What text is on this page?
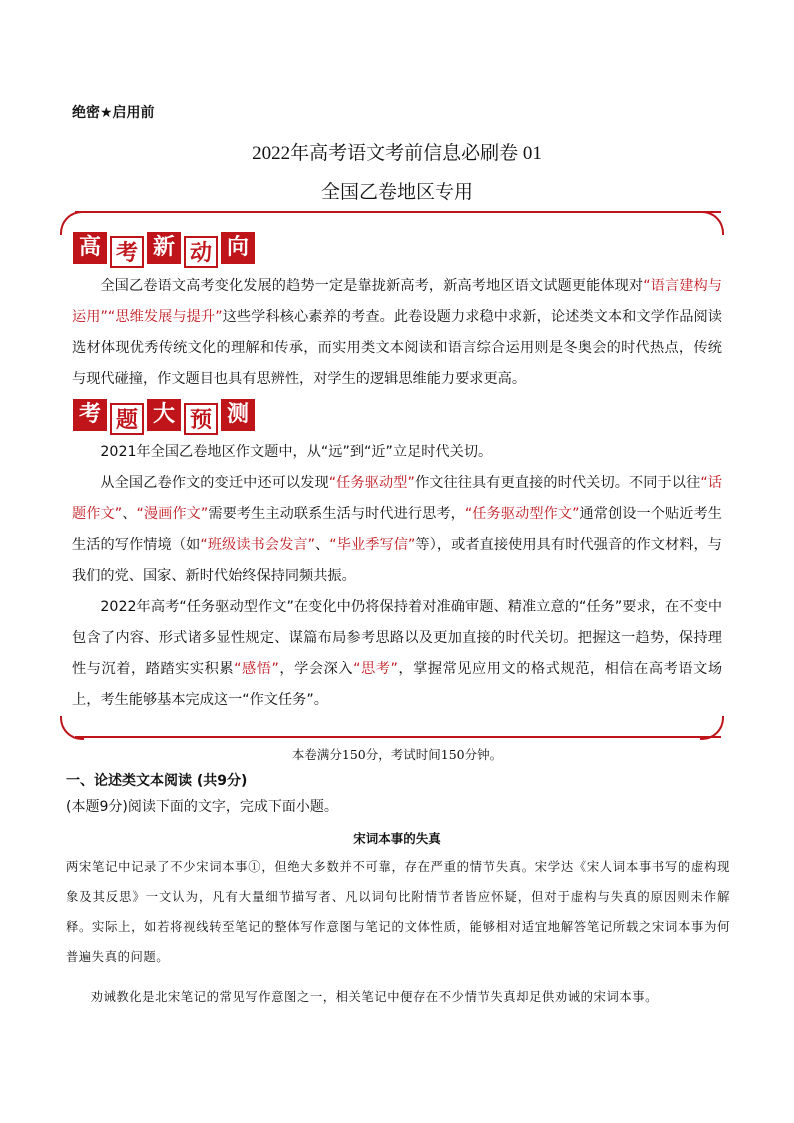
绝密★启用前
2022年高考语文考前信息必刷卷 01
全国乙卷地区专用
高 考 新 动 向
全国乙卷语文高考变化发展的趋势一定是靠拢新高考，新高考地区语文试题更能体现对“语言建构与运用”“思维发展与提升”这些学科核心素养的考查。此卷设题力求稳中求新，论述类文本和文学作品阅读选材体现优秀传统文化的理解和传承，而实用类文本阅读和语言综合运用则是冬奥会的时代热点，传统与现代碰撞，作文题目也具有思辨性，对学生的逻辑思维能力要求更高。
考 题 大 预 测
2021年全国乙卷地区作文题中，从“远”到“近”立足时代关切。
从全国乙卷作文的变迁中还可以发现“任务驱动型”作文往往具有更直接的时代关切。不同于以往“话题作文”、“漫画作文”需要考生主动联系生活与时代进行思考，“任务驱动型作文”通常创设一个贴近考生生活的写作情境（如“班级读书会发言”、“毕业季写信”等），或者直接使用具有时代强音的作文材料，与我们的党、国家、新时代始终保持同频共振。
2022年高考“任务驱动型作文”在变化中仍将保持着对准确审题、精准立意的“任务”要求，在不变中包含了内容、形式诸多显性规定、谋篇布局参考思路以及更加直接的时代关切。把握这一趋势，保持理性与沉着，踏踏实实积累“感悟”，学会深入“思考”，掌握常见应用文的格式规范，相信在高考语文场上，考生能够基本完成这一“作文任务”。
本卷满分150分，考试时间150分钟。
一、论述类文本阅读 (共9分)
(本题9分)阅读下面的文字，完成下面小题。
宋词本事的失真
两宋笔记中记录了不少宋词本事①，但绝大多数并不可靠，存在严重的情节失真。宋学达《宋人词本事书写的虚构现象及其反思》一文认为，凡有大量细节描写者、凡以词句比附情节者皆应怀疑，但对于虚构与失真的原因则未作解释。实际上，如若将视线转至笔记的整体写作意图与笔记的文体性质，能够相对适宜地解答笔记所载之宋词本事为何普遍失真的问题。
劝诫教化是北宋笔记的常见写作意图之一，相关笔记中便存在不少情节失真却足供劝诫的宋词本事。
